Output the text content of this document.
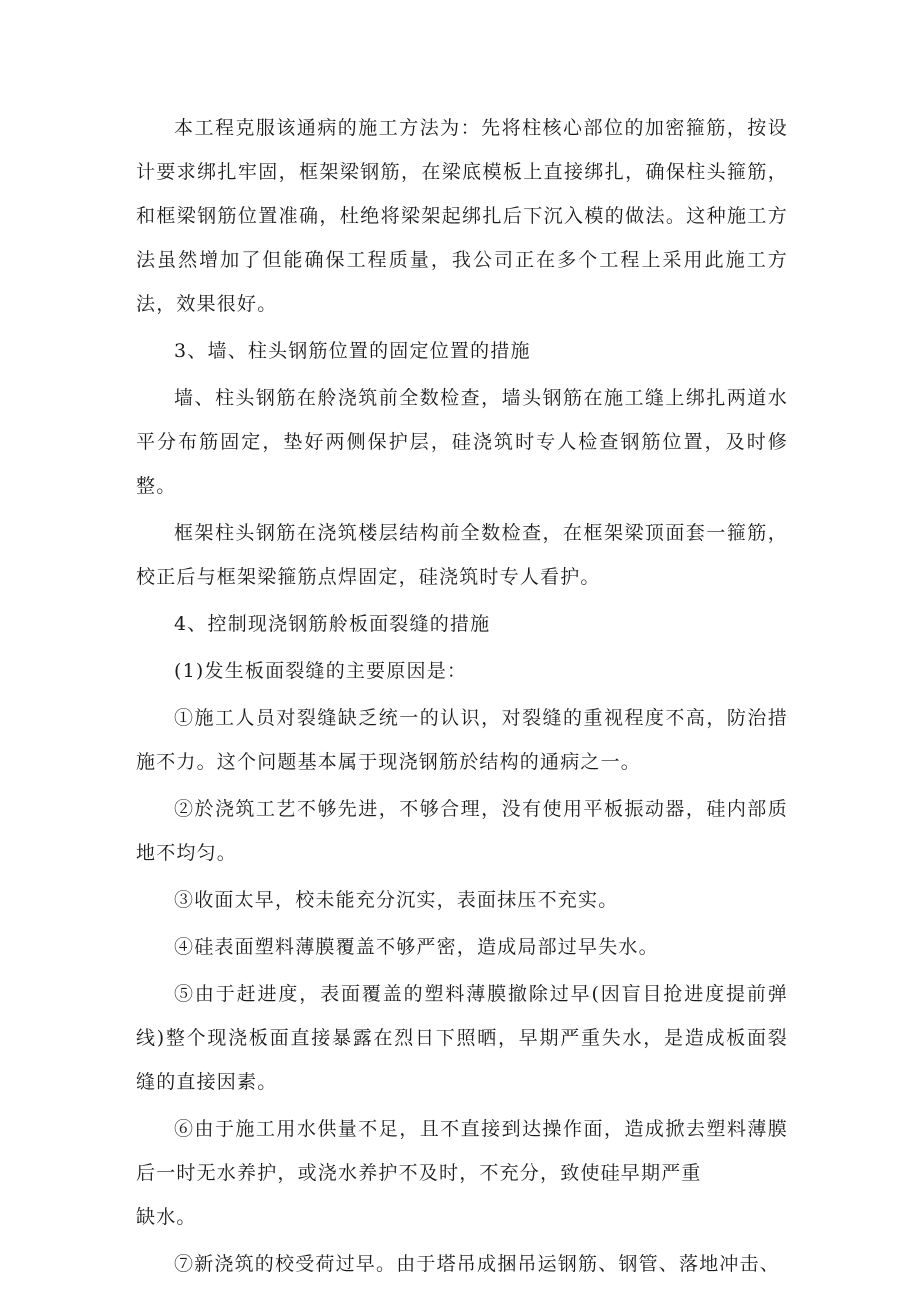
本工程克服该通病的施工方法为：先将柱核心部位的加密箍筋，按设计要求绑扎牢固，框架梁钢筋，在梁底模板上直接绑扎，确保柱头箍筋，和框梁钢筋位置准确，杜绝将梁架起绑扎后下沉入模的做法。这种施工方法虽然增加了但能确保工程质量，我公司正在多个工程上采用此施工方法，效果很好。

3、墙、柱头钢筋位置的固定位置的措施

墙、柱头钢筋在舲浇筑前全数检查，墙头钢筋在施工缝上绑扎两道水平分布筋固定，垫好两侧保护层，硅浇筑时专人检查钢筋位置，及时修整。

框架柱头钢筋在浇筑楼层结构前全数检查，在框架梁顶面套一箍筋，校正后与框架梁箍筋点焊固定，硅浇筑时专人看护。

4、控制现浇钢筋舲板面裂缝的措施

(1)发生板面裂缝的主要原因是：

①施工人员对裂缝缺乏统一的认识，对裂缝的重视程度不高，防治措施不力。这个问题基本属于现浇钢筋於结构的通病之一。

②於浇筑工艺不够先进，不够合理，没有使用平板振动器，硅内部质地不均匀。

③收面太早，校未能充分沉实，表面抹压不充实。

④硅表面塑料薄膜覆盖不够严密，造成局部过早失水。

⑤由于赶进度，表面覆盖的塑料薄膜撤除过早(因盲目抢进度提前弹线)整个现浇板面直接暴露在烈日下照晒，早期严重失水，是造成板面裂缝的直接因素。

⑥由于施工用水供量不足，且不直接到达操作面，造成掀去塑料薄膜后一时无水养护，或浇水养护不及时，不充分，致使硅早期严重

缺水。

⑦新浇筑的校受荷过早。由于塔吊成捆吊运钢筋、钢管、落地冲击、
